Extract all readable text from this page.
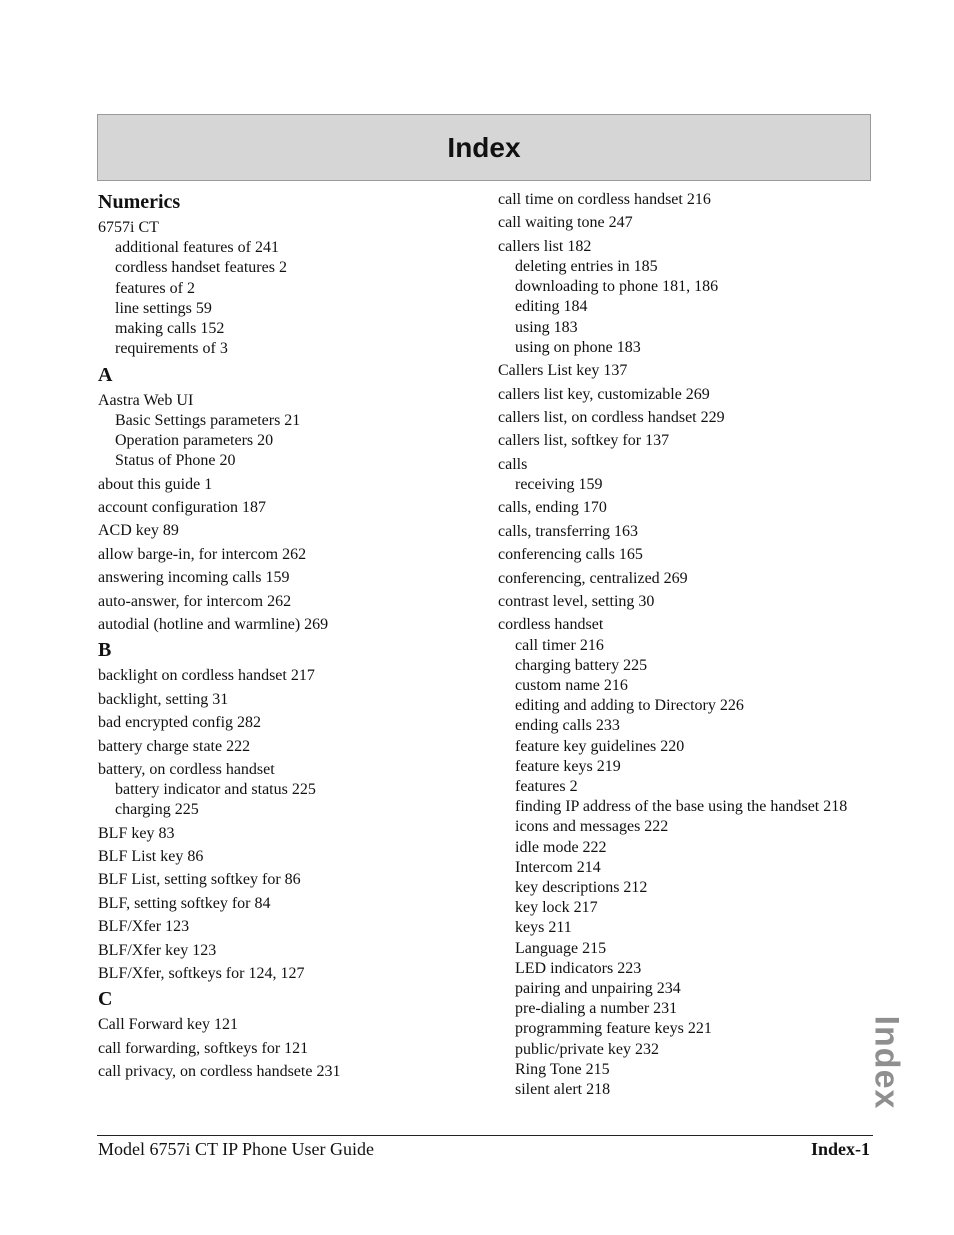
Index
Numerics
6757i CT
additional features of 241
cordless handset features 2
features of 2
line settings 59
making calls 152
requirements of 3
A
Aastra Web UI
Basic Settings parameters 21
Operation parameters 20
Status of Phone 20
about this guide 1
account configuration 187
ACD key 89
allow barge-in, for intercom 262
answering incoming calls 159
auto-answer, for intercom 262
autodial (hotline and warmline) 269
B
backlight on cordless handset 217
backlight, setting 31
bad encrypted config 282
battery charge state 222
battery, on cordless handset
battery indicator and status 225
charging 225
BLF key 83
BLF List key 86
BLF List, setting softkey for 86
BLF, setting softkey for 84
BLF/Xfer 123
BLF/Xfer key 123
BLF/Xfer, softkeys for 124, 127
C
Call Forward key 121
call forwarding, softkeys for 121
call privacy, on cordless handsete 231
call time on cordless handset 216
call waiting tone 247
callers list 182
deleting entries in 185
downloading to phone 181, 186
editing 184
using 183
using on phone 183
Callers List key 137
callers list key, customizable 269
callers list, on cordless handset 229
callers list, softkey for 137
calls
receiving 159
calls, ending 170
calls, transferring 163
conferencing calls 165
conferencing, centralized 269
contrast level, setting 30
cordless handset
call timer 216
charging battery 225
custom name 216
editing and adding to Directory 226
ending calls 233
feature key guidelines 220
feature keys 219
features 2
finding IP address of the base using the handset 218
icons and messages 222
idle mode 222
Intercom 214
key descriptions 212
key lock 217
keys 211
Language 215
LED indicators 223
pairing and unpairing 234
pre-dialing a number 231
programming feature keys 221
public/private key 232
Ring Tone 215
silent alert 218	Index
Model 6757i CT IP Phone User Guide	Index-1
